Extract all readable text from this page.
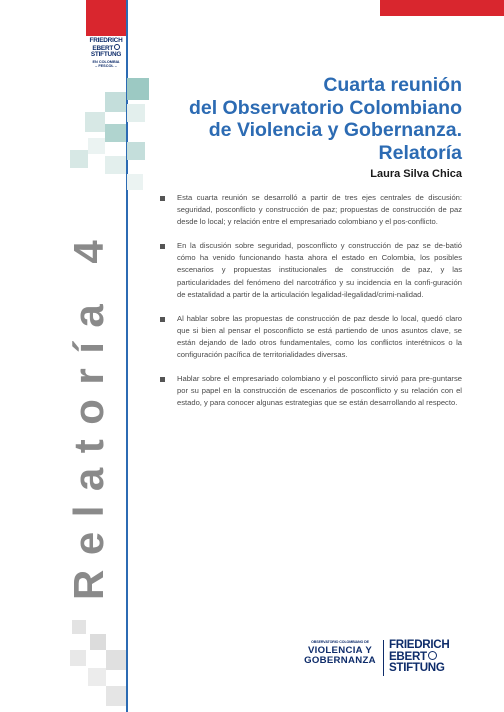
FRIEDRICH
EBERT
STIFTUNG
EN COLOMBIA
– FESCOL –
Relatoría 4
Cuarta reunión
del Observatorio Colombiano
de Violencia y Gobernanza.
Relatoría
Laura Silva Chica

Esta cuarta reunión se desarrolló a partir de tres ejes centrales de discusión: seguridad, posconflicto y construcción de paz; propuestas de construcción de paz desde lo local; y relación entre el empresariado colombiano y el pos-conflicto.

En la discusión sobre seguridad, posconflicto y construcción de paz se de-batió cómo ha venido funcionando hasta ahora el estado en Colombia, los posibles escenarios y propuestas institucionales de construcción de paz, y las particularidades del fenómeno del narcotráfico y su incidencia en la confi-guración de estatalidad a partir de la articulación legalidad-ilegalidad/crimi-nalidad.

Al hablar sobre las propuestas de construcción de paz desde lo local, quedó claro que si bien al pensar el posconflicto se está partiendo de unos asuntos clave, se están dejando de lado otros fundamentales, como los conflictos interétnicos o la configuración pacífica de territorialidades diversas.

Hablar sobre el empresariado colombiano y el posconflicto sirvió para pre-guntarse por su papel en la construcción de escenarios de posconflicto y su relación con el estado, y para conocer algunas estrategias que se están desarrollando al respecto.

OBSERVATORIO COLOMBIANO DE
VIOLENCIA Y
GOBERNANZA
FRIEDRICH
EBERT
STIFTUNG
